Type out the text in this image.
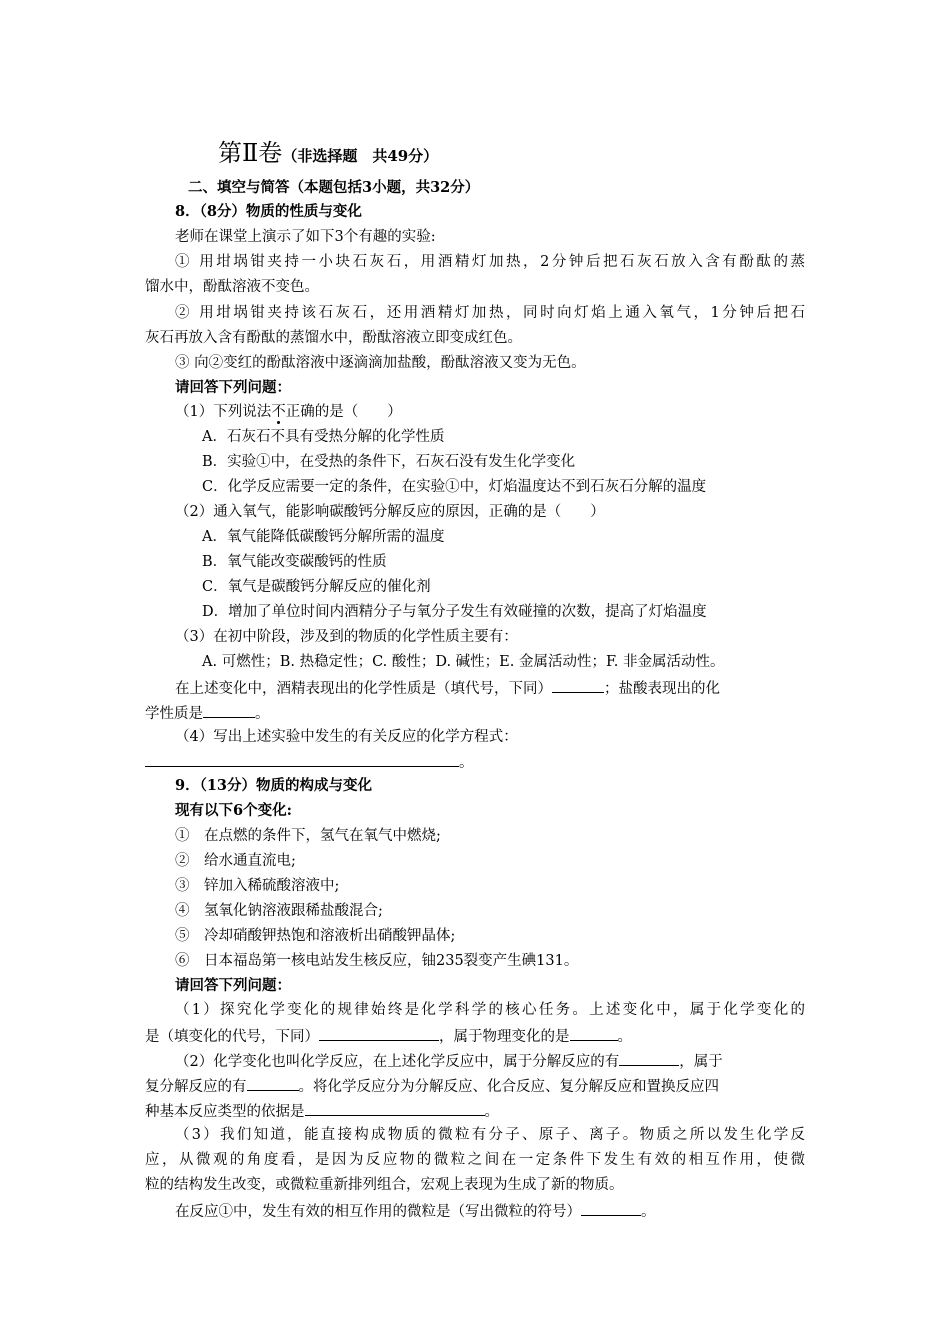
第Ⅱ卷（非选择题　共49分）
二、填空与简答（本题包括3小题，共32分）
8．（8分）物质的性质与变化
老师在课堂上演示了如下3个有趣的实验:
① 用坩埚钳夹持一小块石灰石，用酒精灯加热，2分钟后把石灰石放入含有酚酞的蒸
馏水中，酚酞溶液不变色。
② 用坩埚钳夹持该石灰石，还用酒精灯加热，同时向灯焰上通入氧气，1分钟后把石
灰石再放入含有酚酞的蒸馏水中，酚酞溶液立即变成红色。
③ 向②变红的酚酞溶液中逐滴滴加盐酸，酚酞溶液又变为无色。
请回答下列问题：
（1）下列说法不正确的是（　　）
A．石灰石不具有受热分解的化学性质
B．实验①中，在受热的条件下，石灰石没有发生化学变化
C．化学反应需要一定的条件，在实验①中，灯焰温度达不到石灰石分解的温度
（2）通入氧气，能影响碳酸钙分解反应的原因，正确的是（　　）
A．氧气能降低碳酸钙分解所需的温度
B．氧气能改变碳酸钙的性质
C．氧气是碳酸钙分解反应的催化剂
D．增加了单位时间内酒精分子与氧分子发生有效碰撞的次数，提高了灯焰温度
（3）在初中阶段，涉及到的物质的化学性质主要有：
A. 可燃性；B. 热稳定性；C. 酸性；D. 碱性；E. 金属活动性；F. 非金属活动性。
在上述变化中，酒精表现出的化学性质是（填代号，下同）	；盐酸表现出的化
学性质是	。
（4）写出上述实验中发生的有关反应的化学方程式：
。
9．（13分）物质的构成与变化
现有以下6个变化:
①　在点燃的条件下，氢气在氧气中燃烧;
②　给水通直流电;
③　锌加入稀硫酸溶液中;
④　氢氧化钠溶液跟稀盐酸混合;
⑤　冷却硝酸钾热饱和溶液析出硝酸钾晶体;
⑥　日本福岛第一核电站发生核反应，铀235裂变产生碘131。
请回答下列问题：
（1）探究化学变化的规律始终是化学科学的核心任务。上述变化中，属于化学变化的
是（填变化的代号，下同）	，属于物理变化的是	。
（2）化学变化也叫化学反应，在上述化学反应中，属于分解反应的有	，属于
复分解反应的有	。将化学反应分为分解反应、化合反应、复分解反应和置换反应四
种基本反应类型的依据是	。
（3）我们知道，能直接构成物质的微粒有分子、原子、离子。物质之所以发生化学反
应，从微观的角度看，是因为反应物的微粒之间在一定条件下发生有效的相互作用，使微
粒的结构发生改变，或微粒重新排列组合，宏观上表现为生成了新的物质。
在反应①中，发生有效的相互作用的微粒是（写出微粒的符号）	。
